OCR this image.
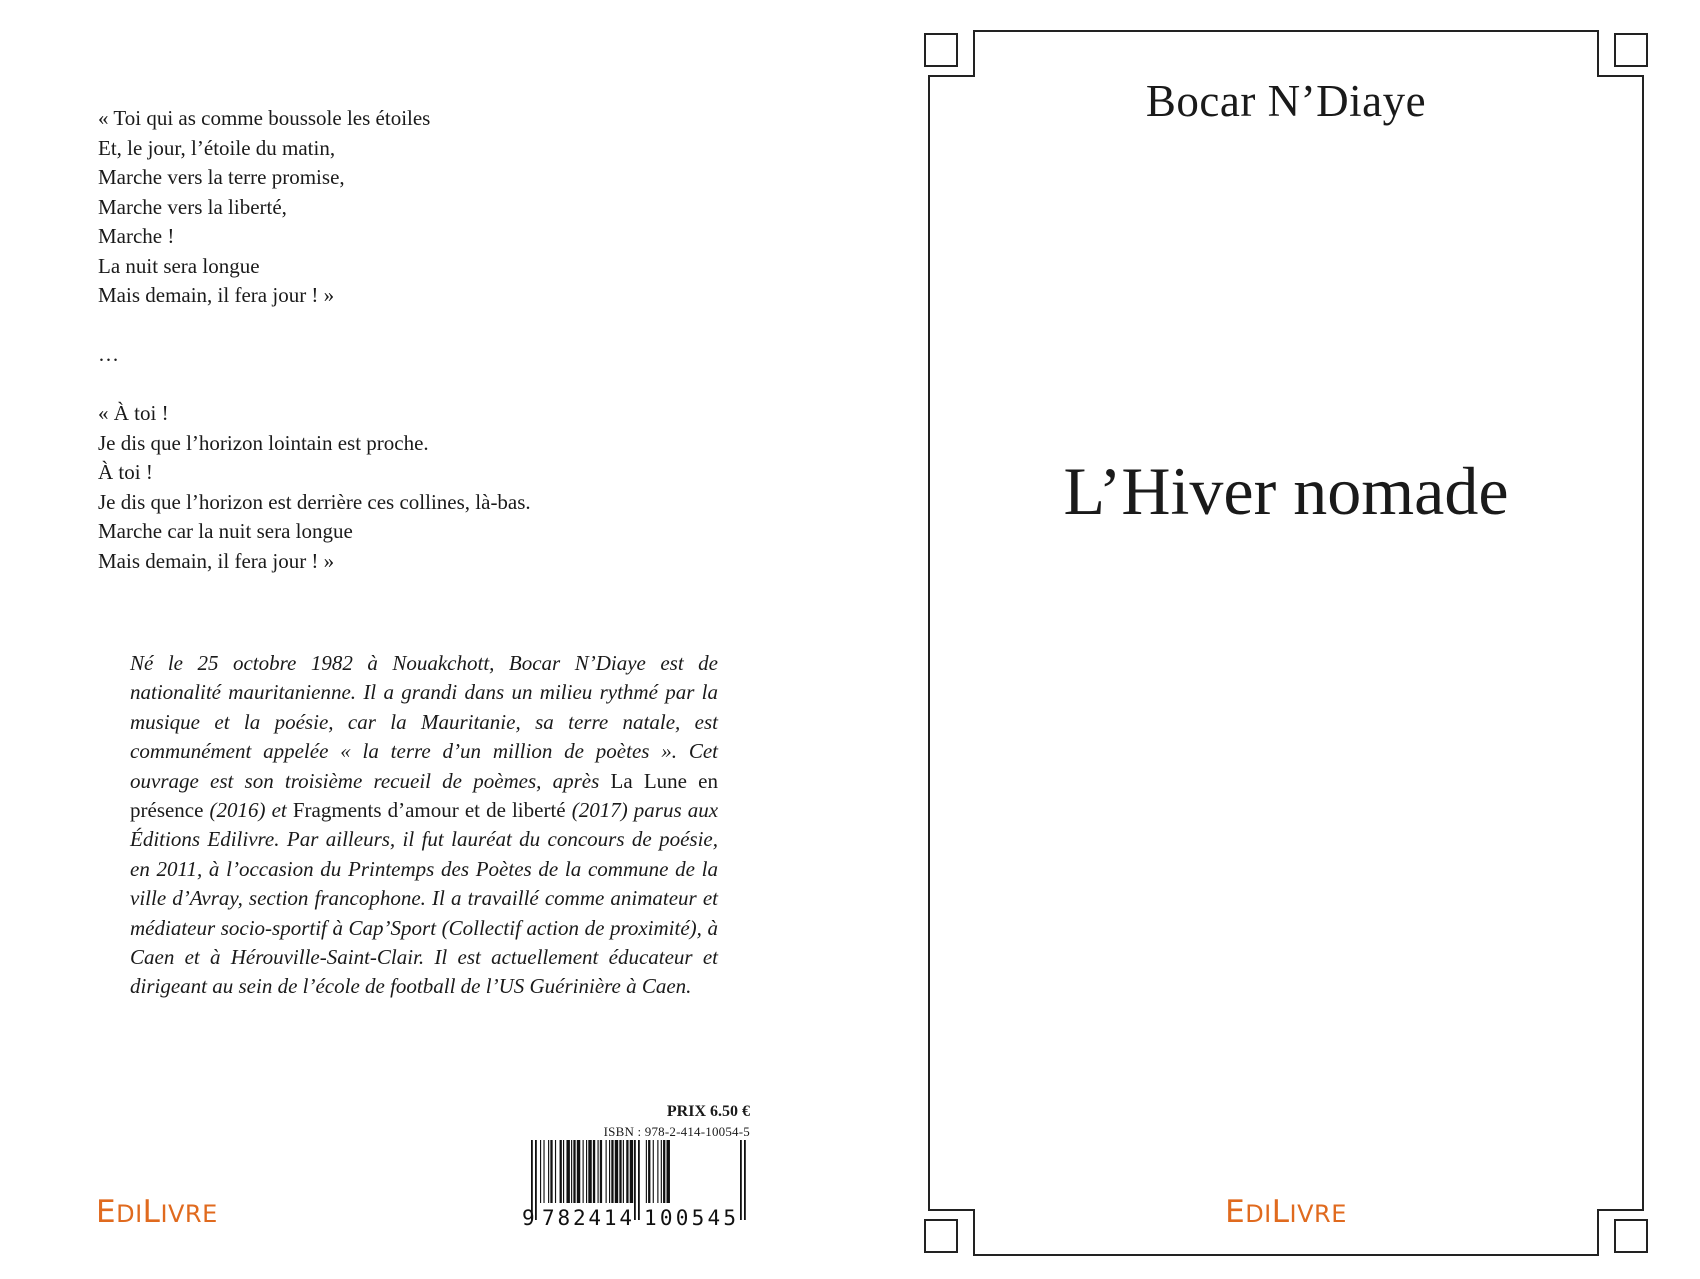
« Toi qui as comme boussole les étoiles
Et, le jour, l’étoile du matin,
Marche vers la terre promise,
Marche vers la liberté,
Marche !
La nuit sera longue
Mais demain, il fera jour ! »
…
« À toi !
Je dis que l’horizon lointain est proche.
À toi !
Je dis que l’horizon est derrière ces collines, là-bas.
Marche car la nuit sera longue
Mais demain, il fera jour ! »
Né le 25 octobre 1982 à Nouakchott, Bocar N’Diaye est de nationalité mauritanienne. Il a grandi dans un milieu rythmé par la musique et la poésie, car la Mauritanie, sa terre natale, est communément appelée « la terre d’un million de poètes ». Cet ouvrage est son troisième recueil de poèmes, après La Lune en présence (2016) et Fragments d’amour et de liberté (2017) parus aux Éditions Edilivre. Par ailleurs, il fut lauréat du concours de poésie, en 2011, à l’occasion du Printemps des Poètes de la commune de la ville d’Avray, section francophone. Il a travaillé comme animateur et médiateur socio-sportif à Cap’Sport (Collectif action de proximité), à Caen et à Hérouville-Saint-Clair. Il est actuellement éducateur et dirigeant au sein de l’école de football de l’US Guérinière à Caen.
PRIX 6.50 €
ISBN : 978-2-414-10054-5
9 782414 100545
EDILIVRE
Bocar N’Diaye
L’Hiver nomade
EDILIVRE
